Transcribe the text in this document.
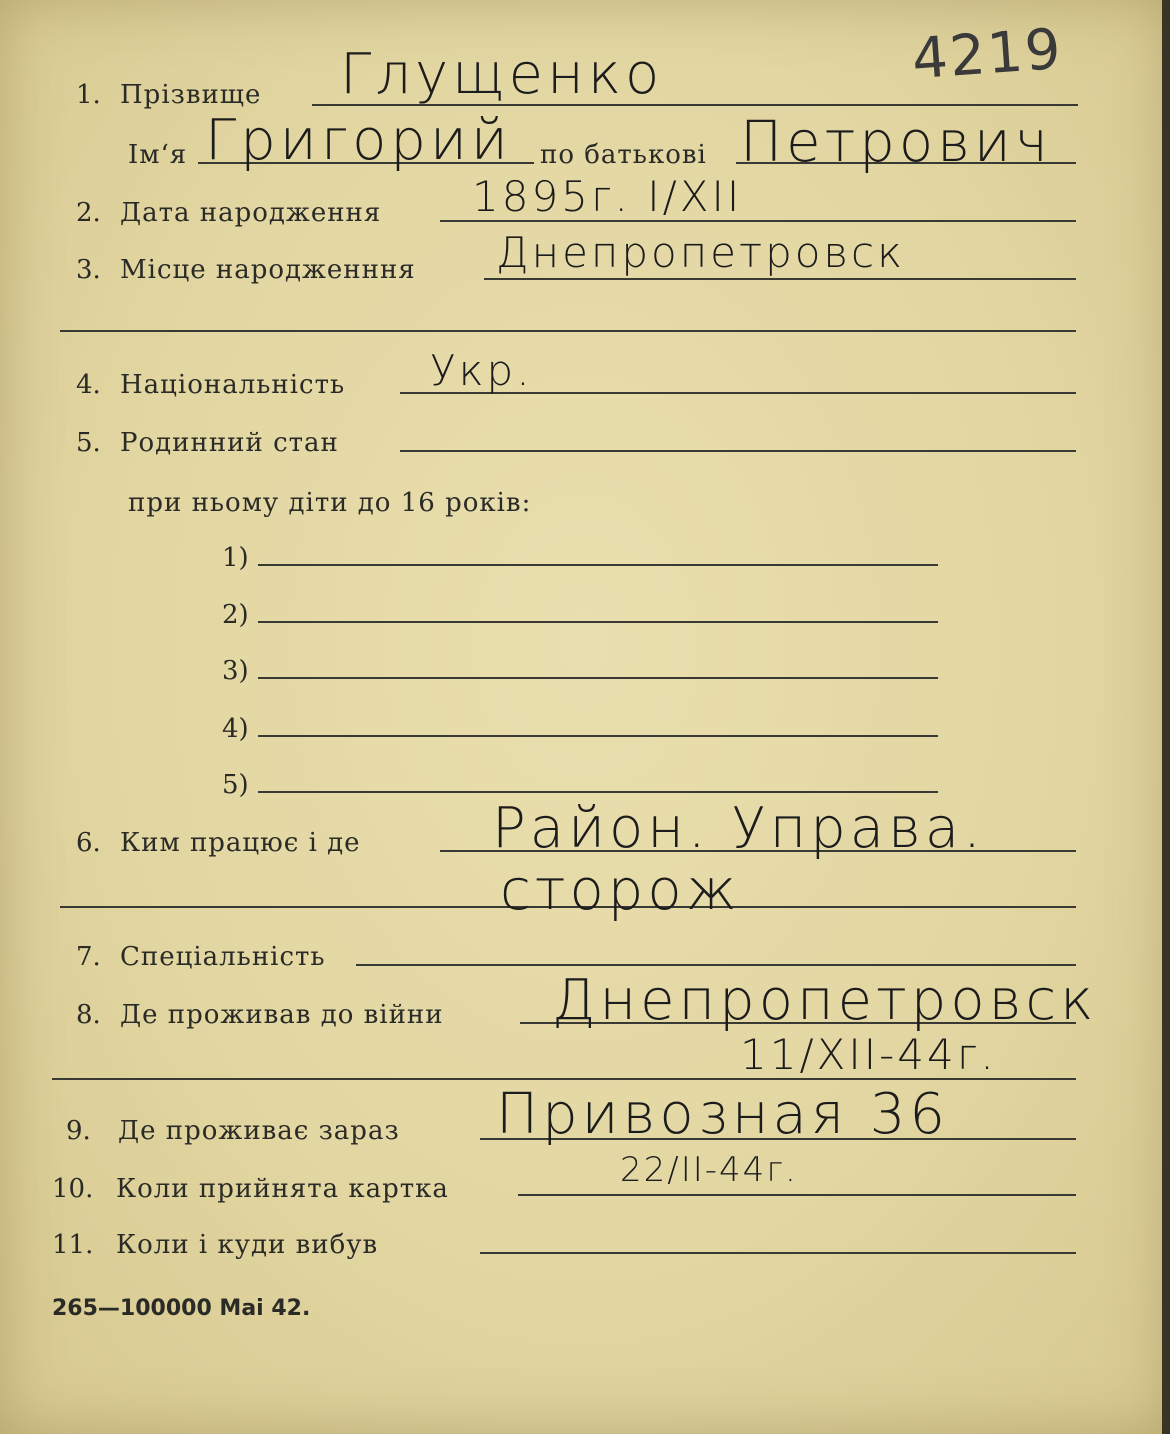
4219
1. Прізвище Глущенко
Ім‘я Григорий по батькові Петрович
2. Дата народження 1895г. I/XII
3. Місце народженння Днепропетровск
4. Національність Укр.
5. Родинний стан
при ньому діти до 16 років:
1)
2)
3)
4)
5)
6. Ким працює і де Район. Управа.
сторож
7. Спеціальність
8. Де проживав до війни Днепропетровск
11/XII-44г.
9. Де проживає зараз Привозная 36
10. Коли прийнята картка	22/II-44г.
11. Коли і куди вибув
265—100000 Mai 42.
